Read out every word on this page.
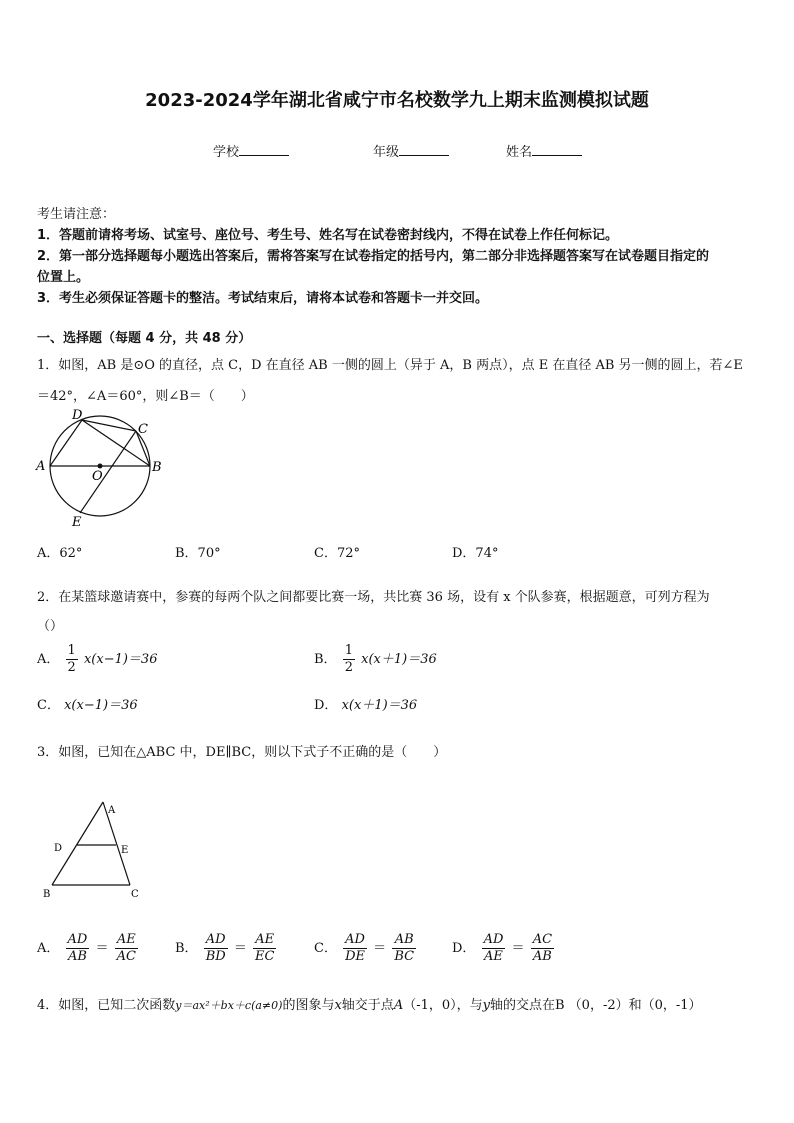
2023-2024学年湖北省咸宁市名校数学九上期末监测模拟试题
学校	年级	姓名
考生请注意：
1．答题前请将考场、试室号、座位号、考生号、姓名写在试卷密封线内，不得在试卷上作任何标记。
2．第一部分选择题每小题选出答案后，需将答案写在试卷指定的括号内，第二部分非选择题答案写在试卷题目指定的
位置上。
3．考生必须保证答题卡的整洁。考试结束后，请将本试卷和答题卡一并交回。
一、选择题（每题 4 分，共 48 分）
1．如图，AB 是⊙O 的直径，点 C，D 在直径 AB 一侧的圆上（异于 A，B 两点），点 E 在直径 AB 另一侧的圆上，若∠E
＝42°，∠A＝60°，则∠B＝（　　）
A	B
C
D
E
O
A．62°	B．70°	C．72°	D．74°
2．在某篮球邀请赛中，参赛的每两个队之间都要比赛一场，共比赛 36 场，设有 x 个队参赛，根据题意，可列方程为
（）
A． $\frac{1}{2} x(x-1)=36$	B． $\frac{1}{2} x(x+1)=36$
C． x(x−1)＝36	D． x(x＋1)＝36
3．如图，已知在△ABC 中，DE∥BC，则以下式子不正确的是（　　）
A
D	E
B	C
A． $\frac{AD}{AB} = \frac{AE}{AC}$	B． $\frac{AD}{BD} = \frac{AE}{EC}$	C． $\frac{AD}{DE} = \frac{AB}{BC}$	D． $\frac{AD}{AE} = \frac{AC}{AB}$
4．如图，已知二次函数y＝ax²＋bx＋c(a≠0)的图象与x轴交于点A（-1，0），与y轴的交点在B （0，-2）和（0，-1）
